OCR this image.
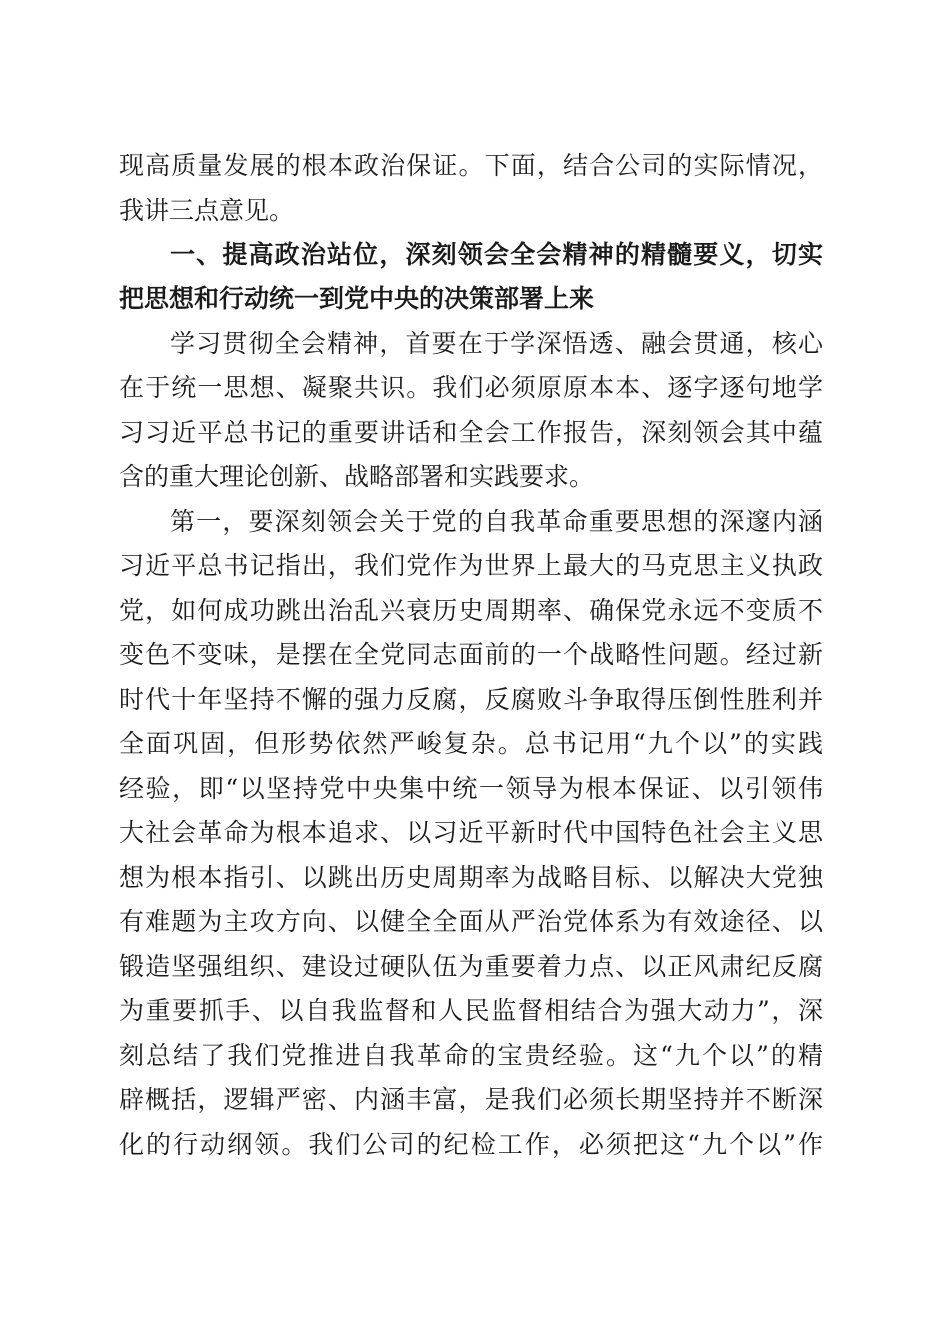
现高质量发展的根本政治保证。下面，结合公司的实际情况，
我讲三点意见。
一、提高政治站位，深刻领会全会精神的精髓要义，切实
把思想和行动统一到党中央的决策部署上来
学习贯彻全会精神，首要在于学深悟透、融会贯通，核心
在于统一思想、凝聚共识。我们必须原原本本、逐字逐句地学
习习近平总书记的重要讲话和全会工作报告，深刻领会其中蕴
含的重大理论创新、战略部署和实践要求。
第一，要深刻领会关于党的自我革命重要思想的深邃内涵
习近平总书记指出，我们党作为世界上最大的马克思主义执政
党，如何成功跳出治乱兴衰历史周期率、确保党永远不变质不
变色不变味，是摆在全党同志面前的一个战略性问题。经过新
时代十年坚持不懈的强力反腐，反腐败斗争取得压倒性胜利并
全面巩固，但形势依然严峻复杂。总书记用“九个以”的实践
经验，即“以坚持党中央集中统一领导为根本保证、以引领伟
大社会革命为根本追求、以习近平新时代中国特色社会主义思
想为根本指引、以跳出历史周期率为战略目标、以解决大党独
有难题为主攻方向、以健全全面从严治党体系为有效途径、以
锻造坚强组织、建设过硬队伍为重要着力点、以正风肃纪反腐
为重要抓手、以自我监督和人民监督相结合为强大动力”，深
刻总结了我们党推进自我革命的宝贵经验。这“九个以”的精
辟概括，逻辑严密、内涵丰富，是我们必须长期坚持并不断深
化的行动纲领。我们公司的纪检工作，必须把这“九个以”作
